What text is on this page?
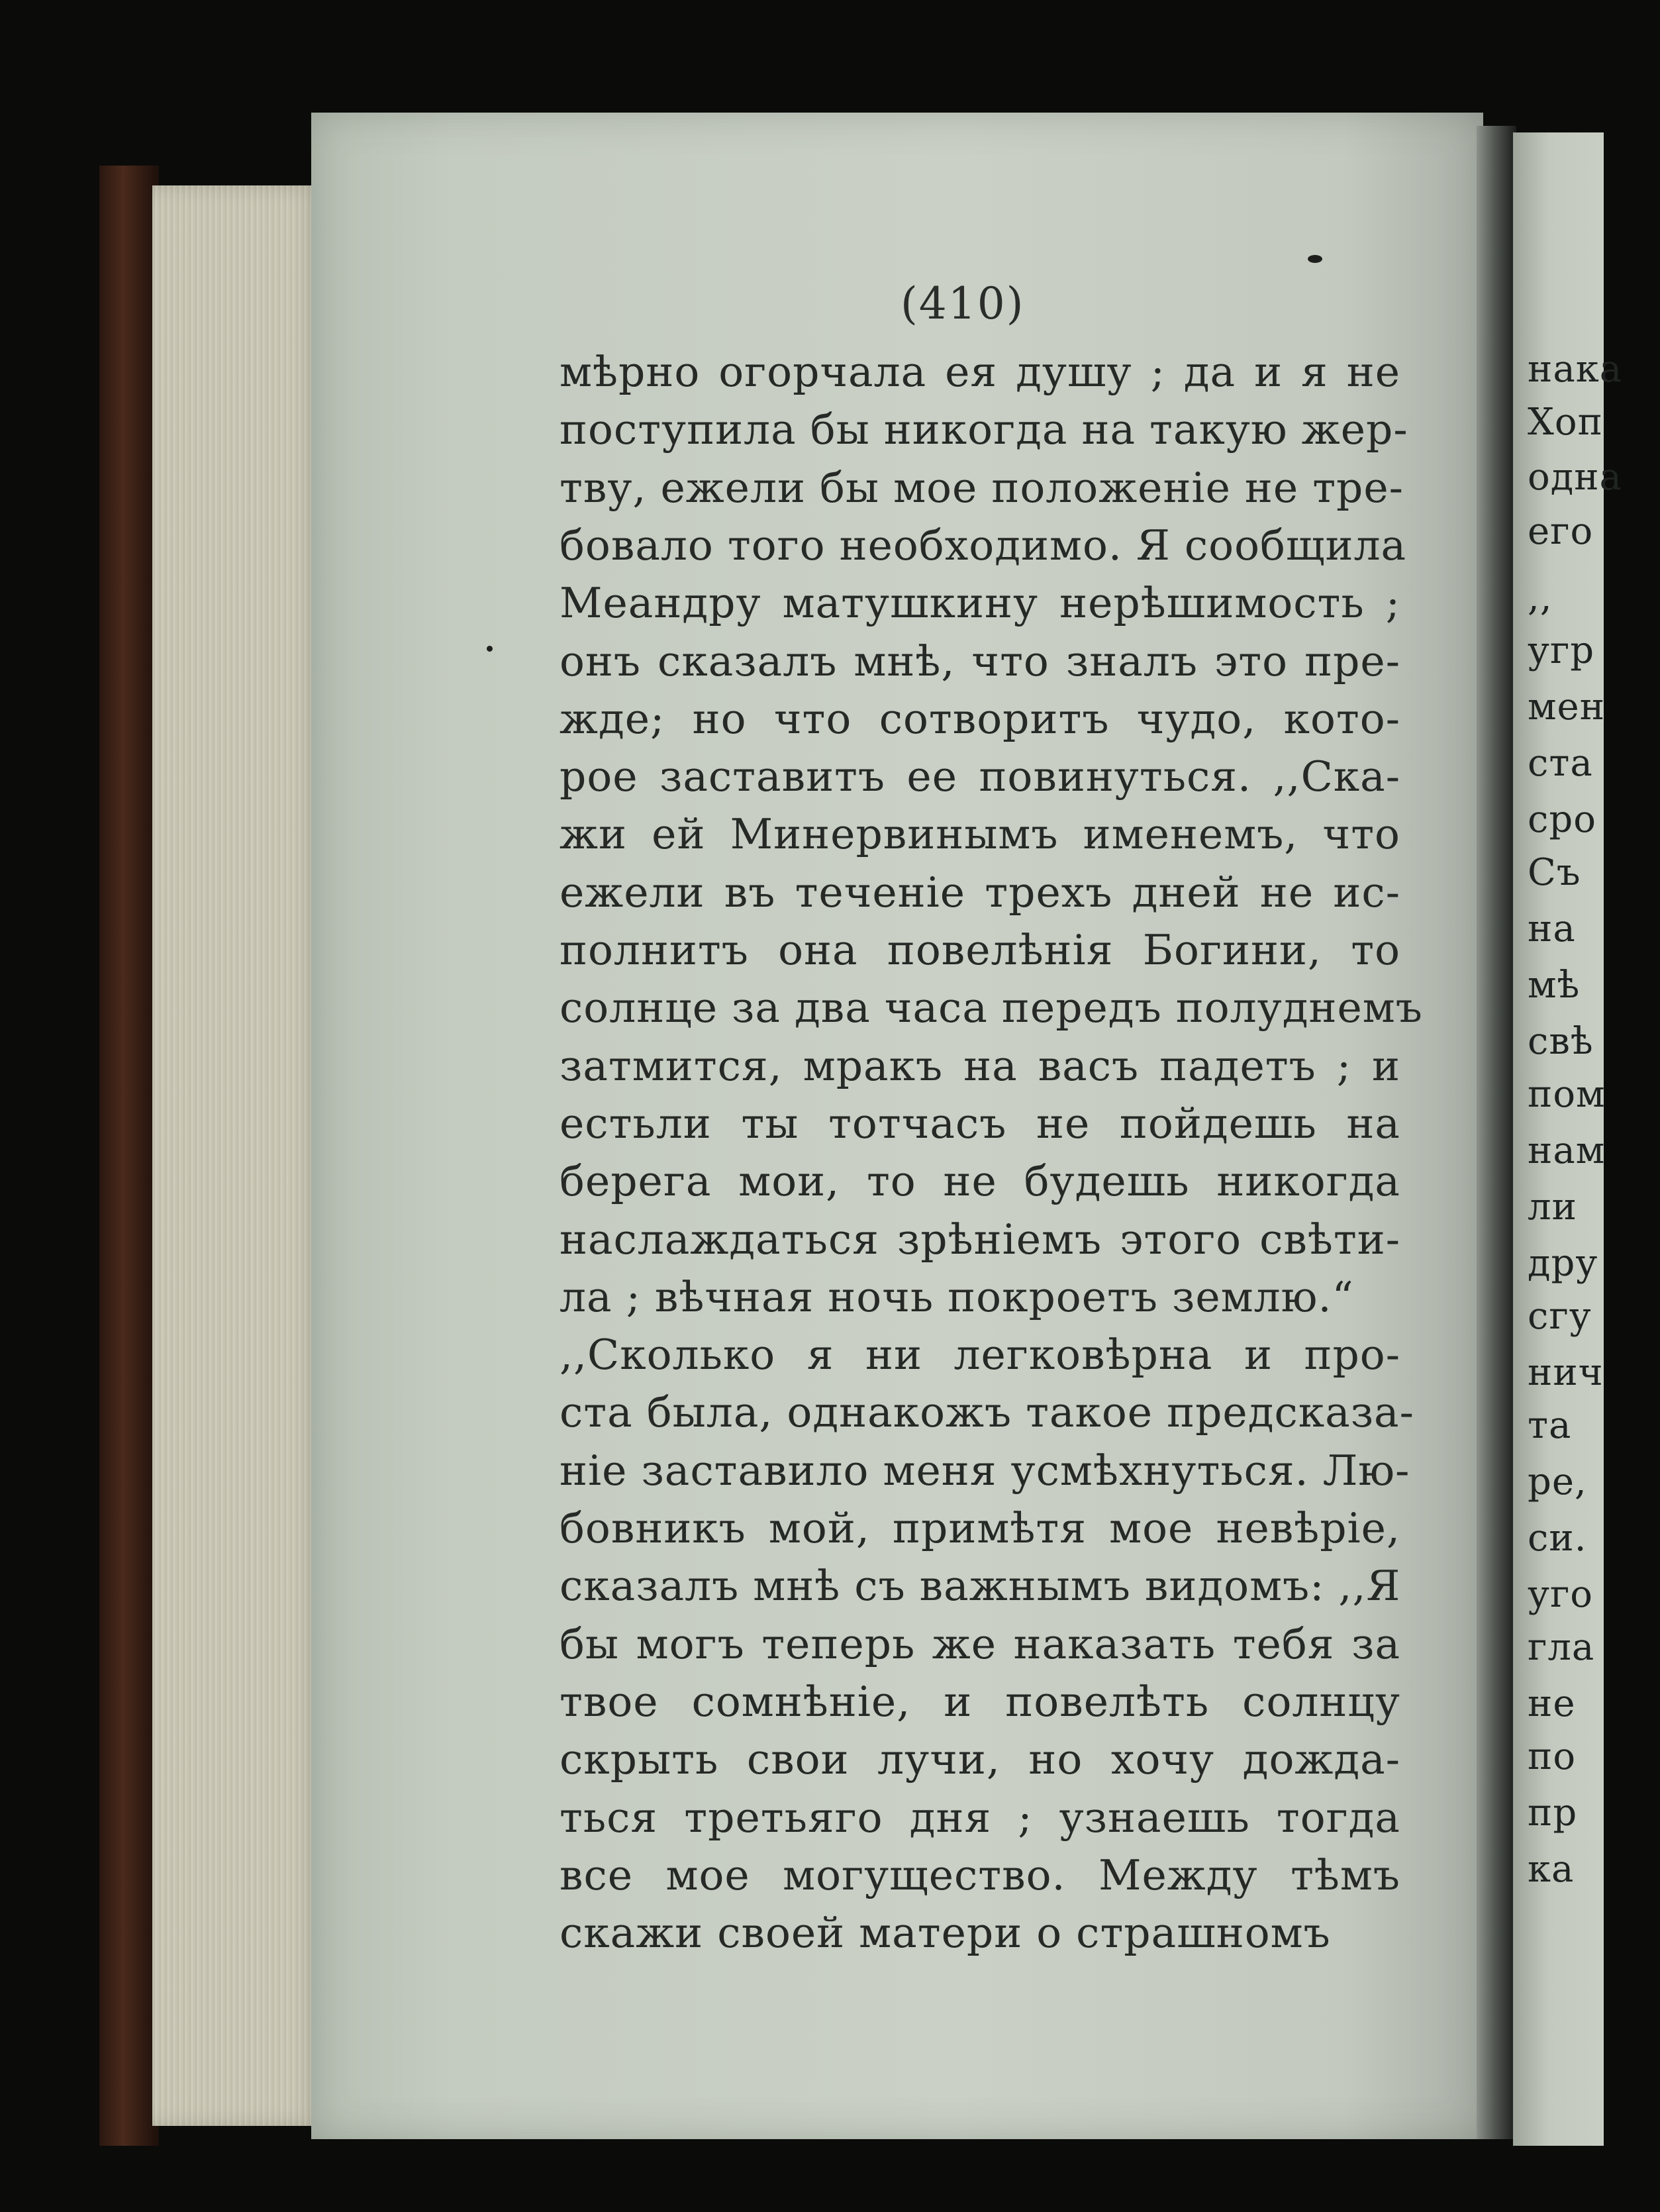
нака
Хоп
одна
его
,,
угр
мен
ста
сро
Съ
на
мѣ
свѣ
пом
нам
ли
дру
сгу
нич
та
ре,
си.
уго
гла
не
по
пр
ка
(410)
мѣрно огорчала ея душу ; да и я не
поступила бы никогда на такую жер-
тву, ежели бы мое положеніе не тре-
бовало того необходимо. Я сообщила
Меандру матушкину нерѣшимость ;
онъ сказалъ мнѣ, что зналъ это пре-
жде; но что сотворитъ чудо, кото-
рое заставитъ ее повинуться. ,,Ска-
жи ей Минервинымъ именемъ, что
ежели въ теченіе трехъ дней не ис-
полнитъ она повелѣнія Богини, то
солнце за два часа передъ полуднемъ
затмится, мракъ на васъ падетъ ; и
естьли ты тотчасъ не пойдешь на
берега мои, то не будешь никогда
наслаждаться зрѣніемъ этого свѣти-
ла ; вѣчная ночь покроетъ землю.“
,,Сколько я ни легковѣрна и про-
ста была, однакожъ такое предсказа-
ніе заставило меня усмѣхнуться. Лю-
бовникъ мой, примѣтя мое невѣріе,
сказалъ мнѣ съ важнымъ видомъ: ,,Я
бы могъ теперь же наказать тебя за
твое сомнѣніе, и повелѣть солнцу
скрыть свои лучи, но хочу дожда-
ться третьяго дня ; узнаешь тогда
все мое могущество. Между тѣмъ
скажи своей матери о страшномъ
